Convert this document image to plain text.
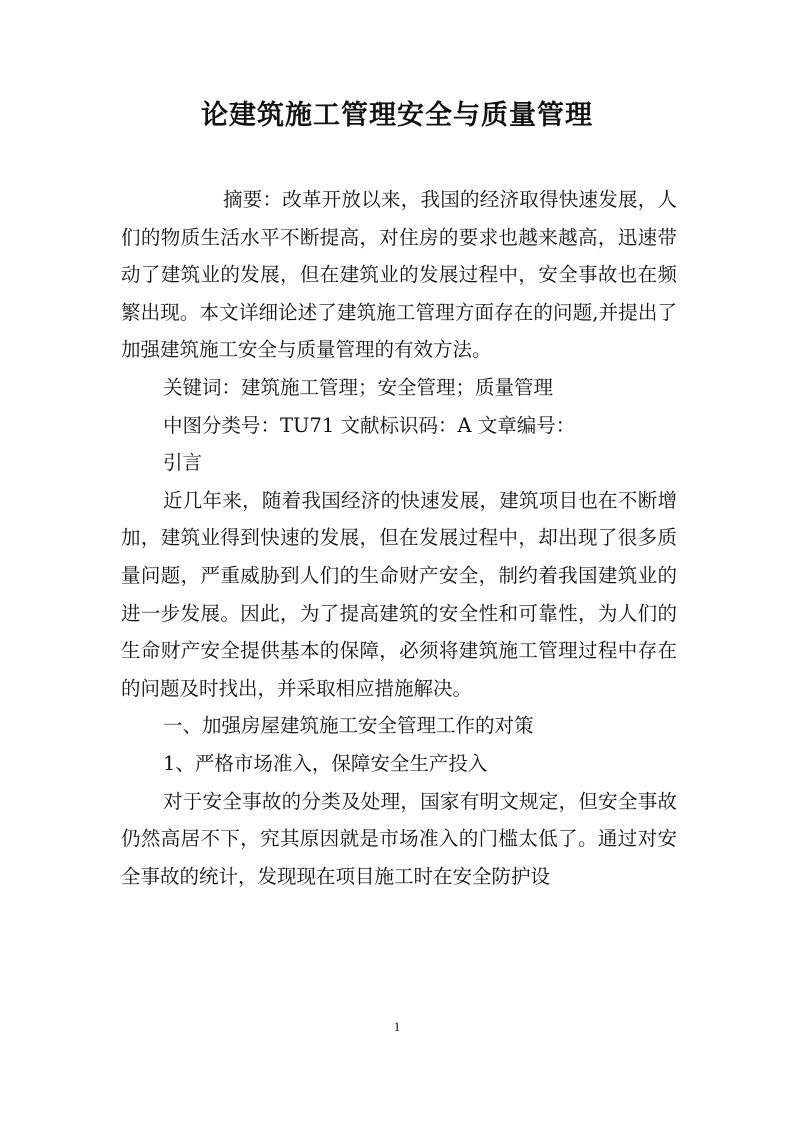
论建筑施工管理安全与质量管理

摘要：改革开放以来，我国的经济取得快速发展，人们的物质生活水平不断提高，对住房的要求也越来越高，迅速带动了建筑业的发展，但在建筑业的发展过程中，安全事故也在频繁出现。本文详细论述了建筑施工管理方面存在的问题,并提出了加强建筑施工安全与质量管理的有效方法。

关键词：建筑施工管理；安全管理；质量管理

中图分类号：TU71 文献标识码：A 文章编号：

引言

近几年来，随着我国经济的快速发展，建筑项目也在不断增加，建筑业得到快速的发展，但在发展过程中，却出现了很多质量问题，严重威胁到人们的生命财产安全，制约着我国建筑业的进一步发展。因此，为了提高建筑的安全性和可靠性，为人们的生命财产安全提供基本的保障，必须将建筑施工管理过程中存在的问题及时找出，并采取相应措施解决。

一、加强房屋建筑施工安全管理工作的对策

1、严格市场准入，保障安全生产投入

对于安全事故的分类及处理，国家有明文规定，但安全事故仍然高居不下，究其原因就是市场准入的门槛太低了。通过对安全事故的统计，发现现在项目施工时在安全防护设

1
